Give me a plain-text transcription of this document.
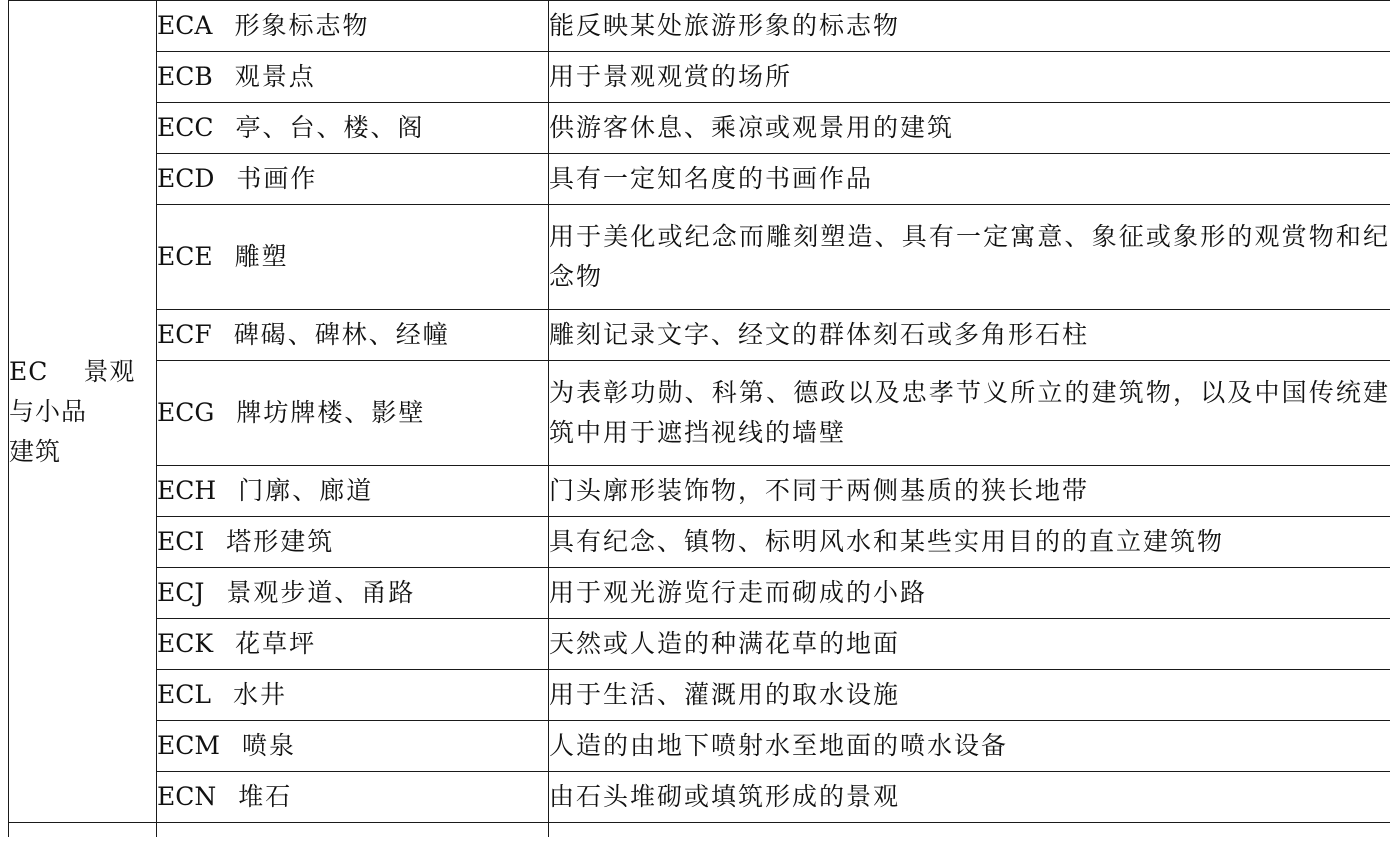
EC　 景观
与小品
建筑	ECA 形象标志物	能反映某处旅游形象的标志物
	ECB 观景点	用于景观观赏的场所
	ECC 亭、台、楼、阁	供游客休息、乘凉或观景用的建筑
	ECD 书画作	具有一定知名度的书画作品
	ECE 雕塑	用于美化或纪念而雕刻塑造、具有一定寓意、象征或象形的观赏物和纪念物
	ECF 碑碣、碑林、经幢	雕刻记录文字、经文的群体刻石或多角形石柱
	ECG 牌坊牌楼、影壁	为表彰功勋、科第、德政以及忠孝节义所立的建筑物，以及中国传统建筑中用于遮挡视线的墙壁
	ECH 门廓、廊道	门头廓形装饰物，不同于两侧基质的狭长地带
	ECI 塔形建筑	具有纪念、镇物、标明风水和某些实用目的的直立建筑物
	ECJ 景观步道、甬路	用于观光游览行走而砌成的小路
	ECK 花草坪	天然或人造的种满花草的地面
	ECL 水井	用于生活、灌溉用的取水设施
	ECM 喷泉	人造的由地下喷射水至地面的喷水设备
	ECN 堆石	由石头堆砌或填筑形成的景观
